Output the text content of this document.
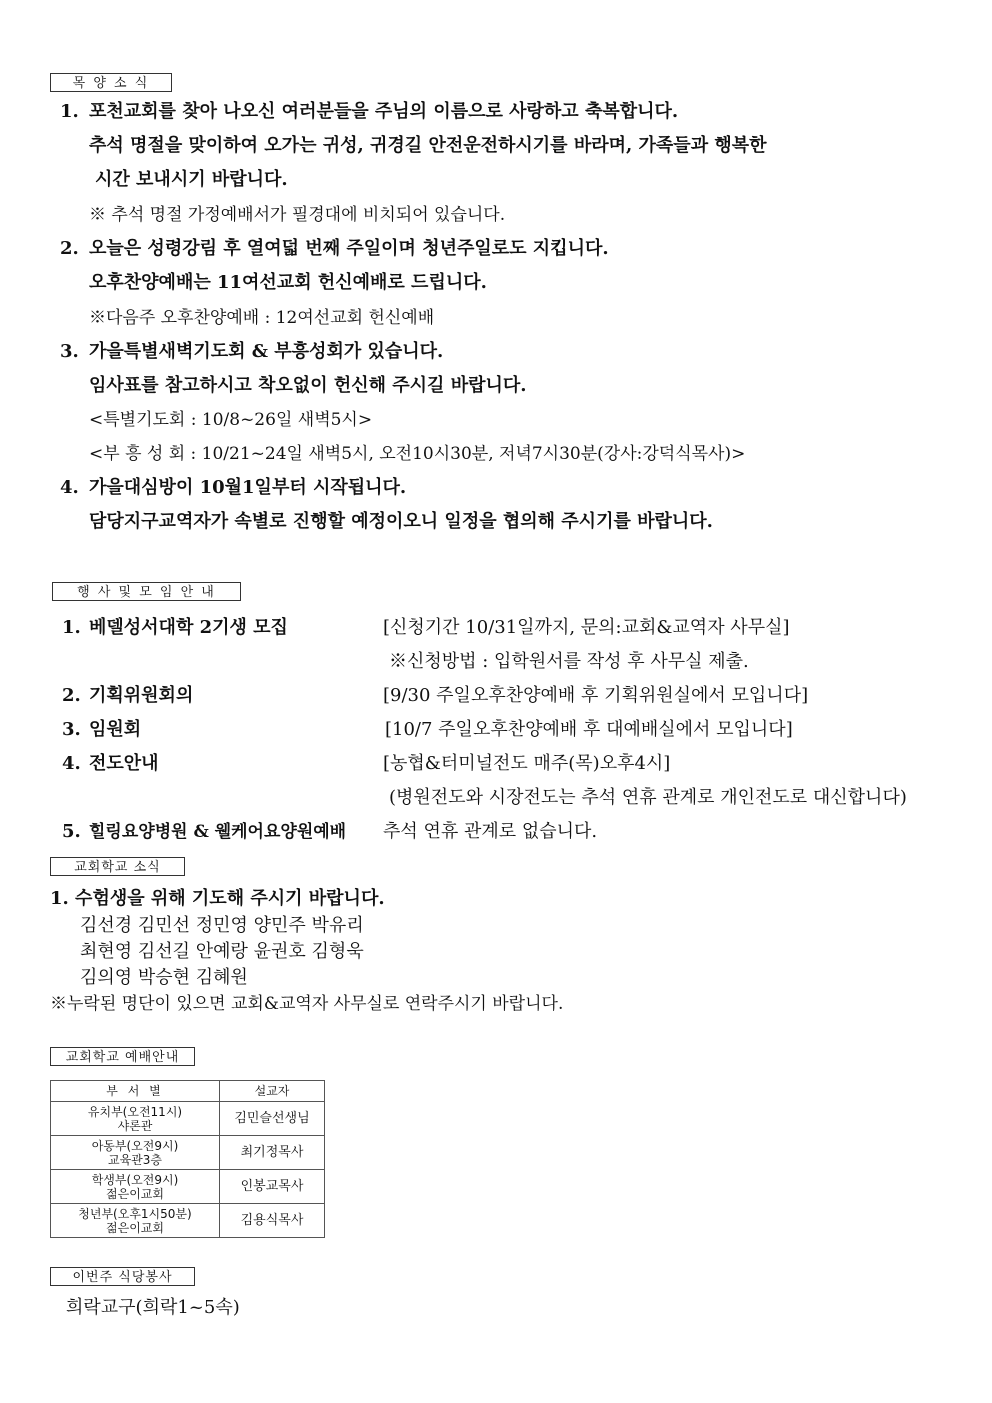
목 양 소 식
1. 포천교회를 찾아 나오신 여러분들을 주님의 이름으로 사랑하고 축복합니다.
추석 명절을 맞이하여 오가는 귀성, 귀경길 안전운전하시기를 바라며, 가족들과 행복한
시간 보내시기 바랍니다.
※ 추석 명절 가정예배서가 필경대에 비치되어 있습니다.
2. 오늘은 성령강림 후 열여덟 번째 주일이며 청년주일로도 지킵니다.
오후찬양예배는 11여선교회 헌신예배로 드립니다.
※다음주 오후찬양예배 : 12여선교회 헌신예배
3. 가을특별새벽기도회 & 부흥성회가 있습니다.
임사표를 참고하시고 착오없이 헌신해 주시길 바랍니다.
<특별기도회 : 10/8~26일 새벽5시>
<부 흥 성 회 : 10/21~24일 새벽5시, 오전10시30분, 저녁7시30분(강사:강덕식목사)>
4. 가을대심방이 10월1일부터 시작됩니다.
담당지구교역자가 속별로 진행할 예정이오니 일정을 협의해 주시기를 바랍니다.
행 사 및 모 임 안 내
1. 베델성서대학 2기생 모집	[신청기간 10/31일까지, 문의:교회&교역자 사무실]
※신청방법 : 입학원서를 작성 후 사무실 제출.
2. 기획위원회의	[9/30 주일오후찬양예배 후 기획위원실에서 모입니다]
3. 임원회	[10/7 주일오후찬양예배 후 대예배실에서 모입니다]
4. 전도안내	[농협&터미널전도 매주(목)오후4시]
(병원전도와 시장전도는 추석 연휴 관계로 개인전도로 대신합니다)
5. 힐링요양병원 & 웰케어요양원예배 추석 연휴 관계로 없습니다.
교회학교 소식
1. 수험생을 위해 기도해 주시기 바랍니다.
김선경 김민선 정민영 양민주 박유리
최현영 김선길 안예랑 윤권호 김형욱
김의영 박승현 김혜원
※누락된 명단이 있으면 교회&교역자 사무실로 연락주시기 바랍니다.
교회학교 예배안내
부 서 별	설교자

유치부(오전11시)
샤론관	김민슬선생님

아동부(오전9시)
교육관3층	최기정목사

학생부(오전9시)
젊은이교회	인봉교목사

청년부(오후1시50분)
젊은이교회	김용식목사
이번주 식당봉사
희락교구(희락1~5속)
